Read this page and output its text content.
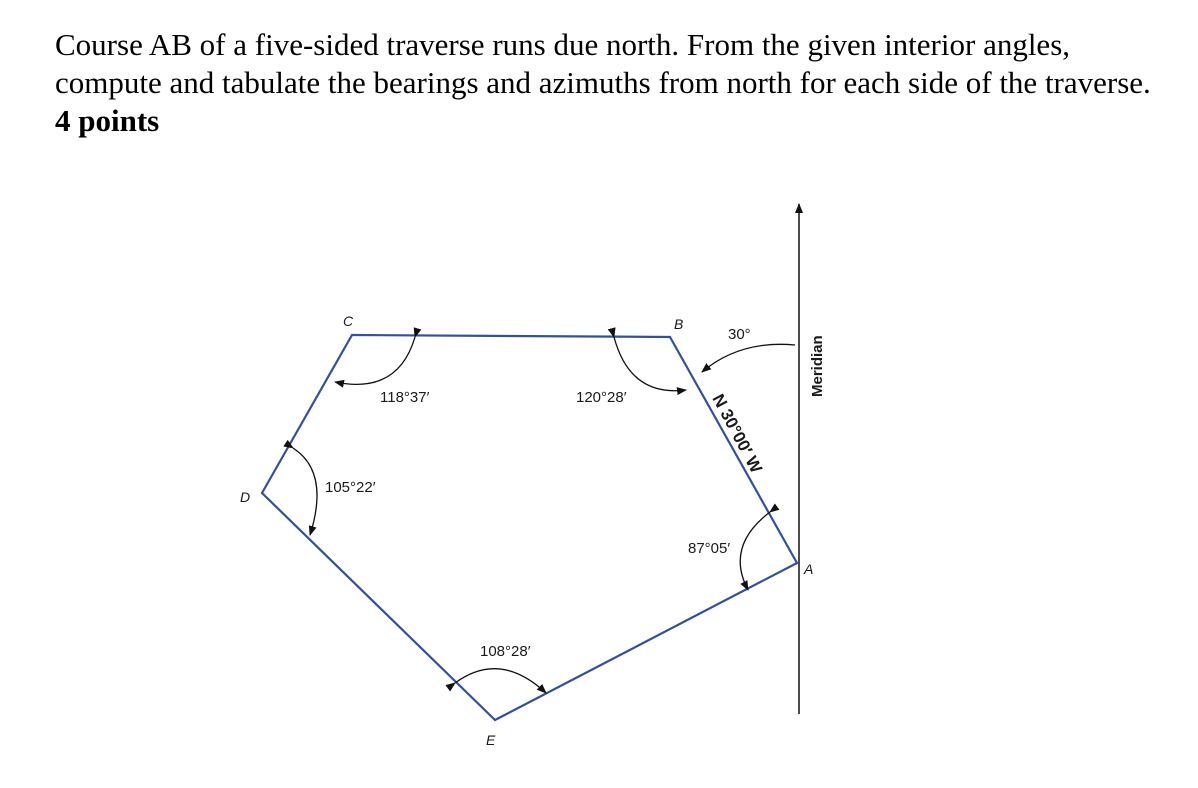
Course AB of a five-sided traverse runs due north. From the given interior angles, compute and tabulate the bearings and azimuths from north for each side of the traverse. 4 points

C	B
D
A
E
118°37′	120°28′
105°22′
87°05′
108°28′
30°
N 30°00′ W
Meridian
